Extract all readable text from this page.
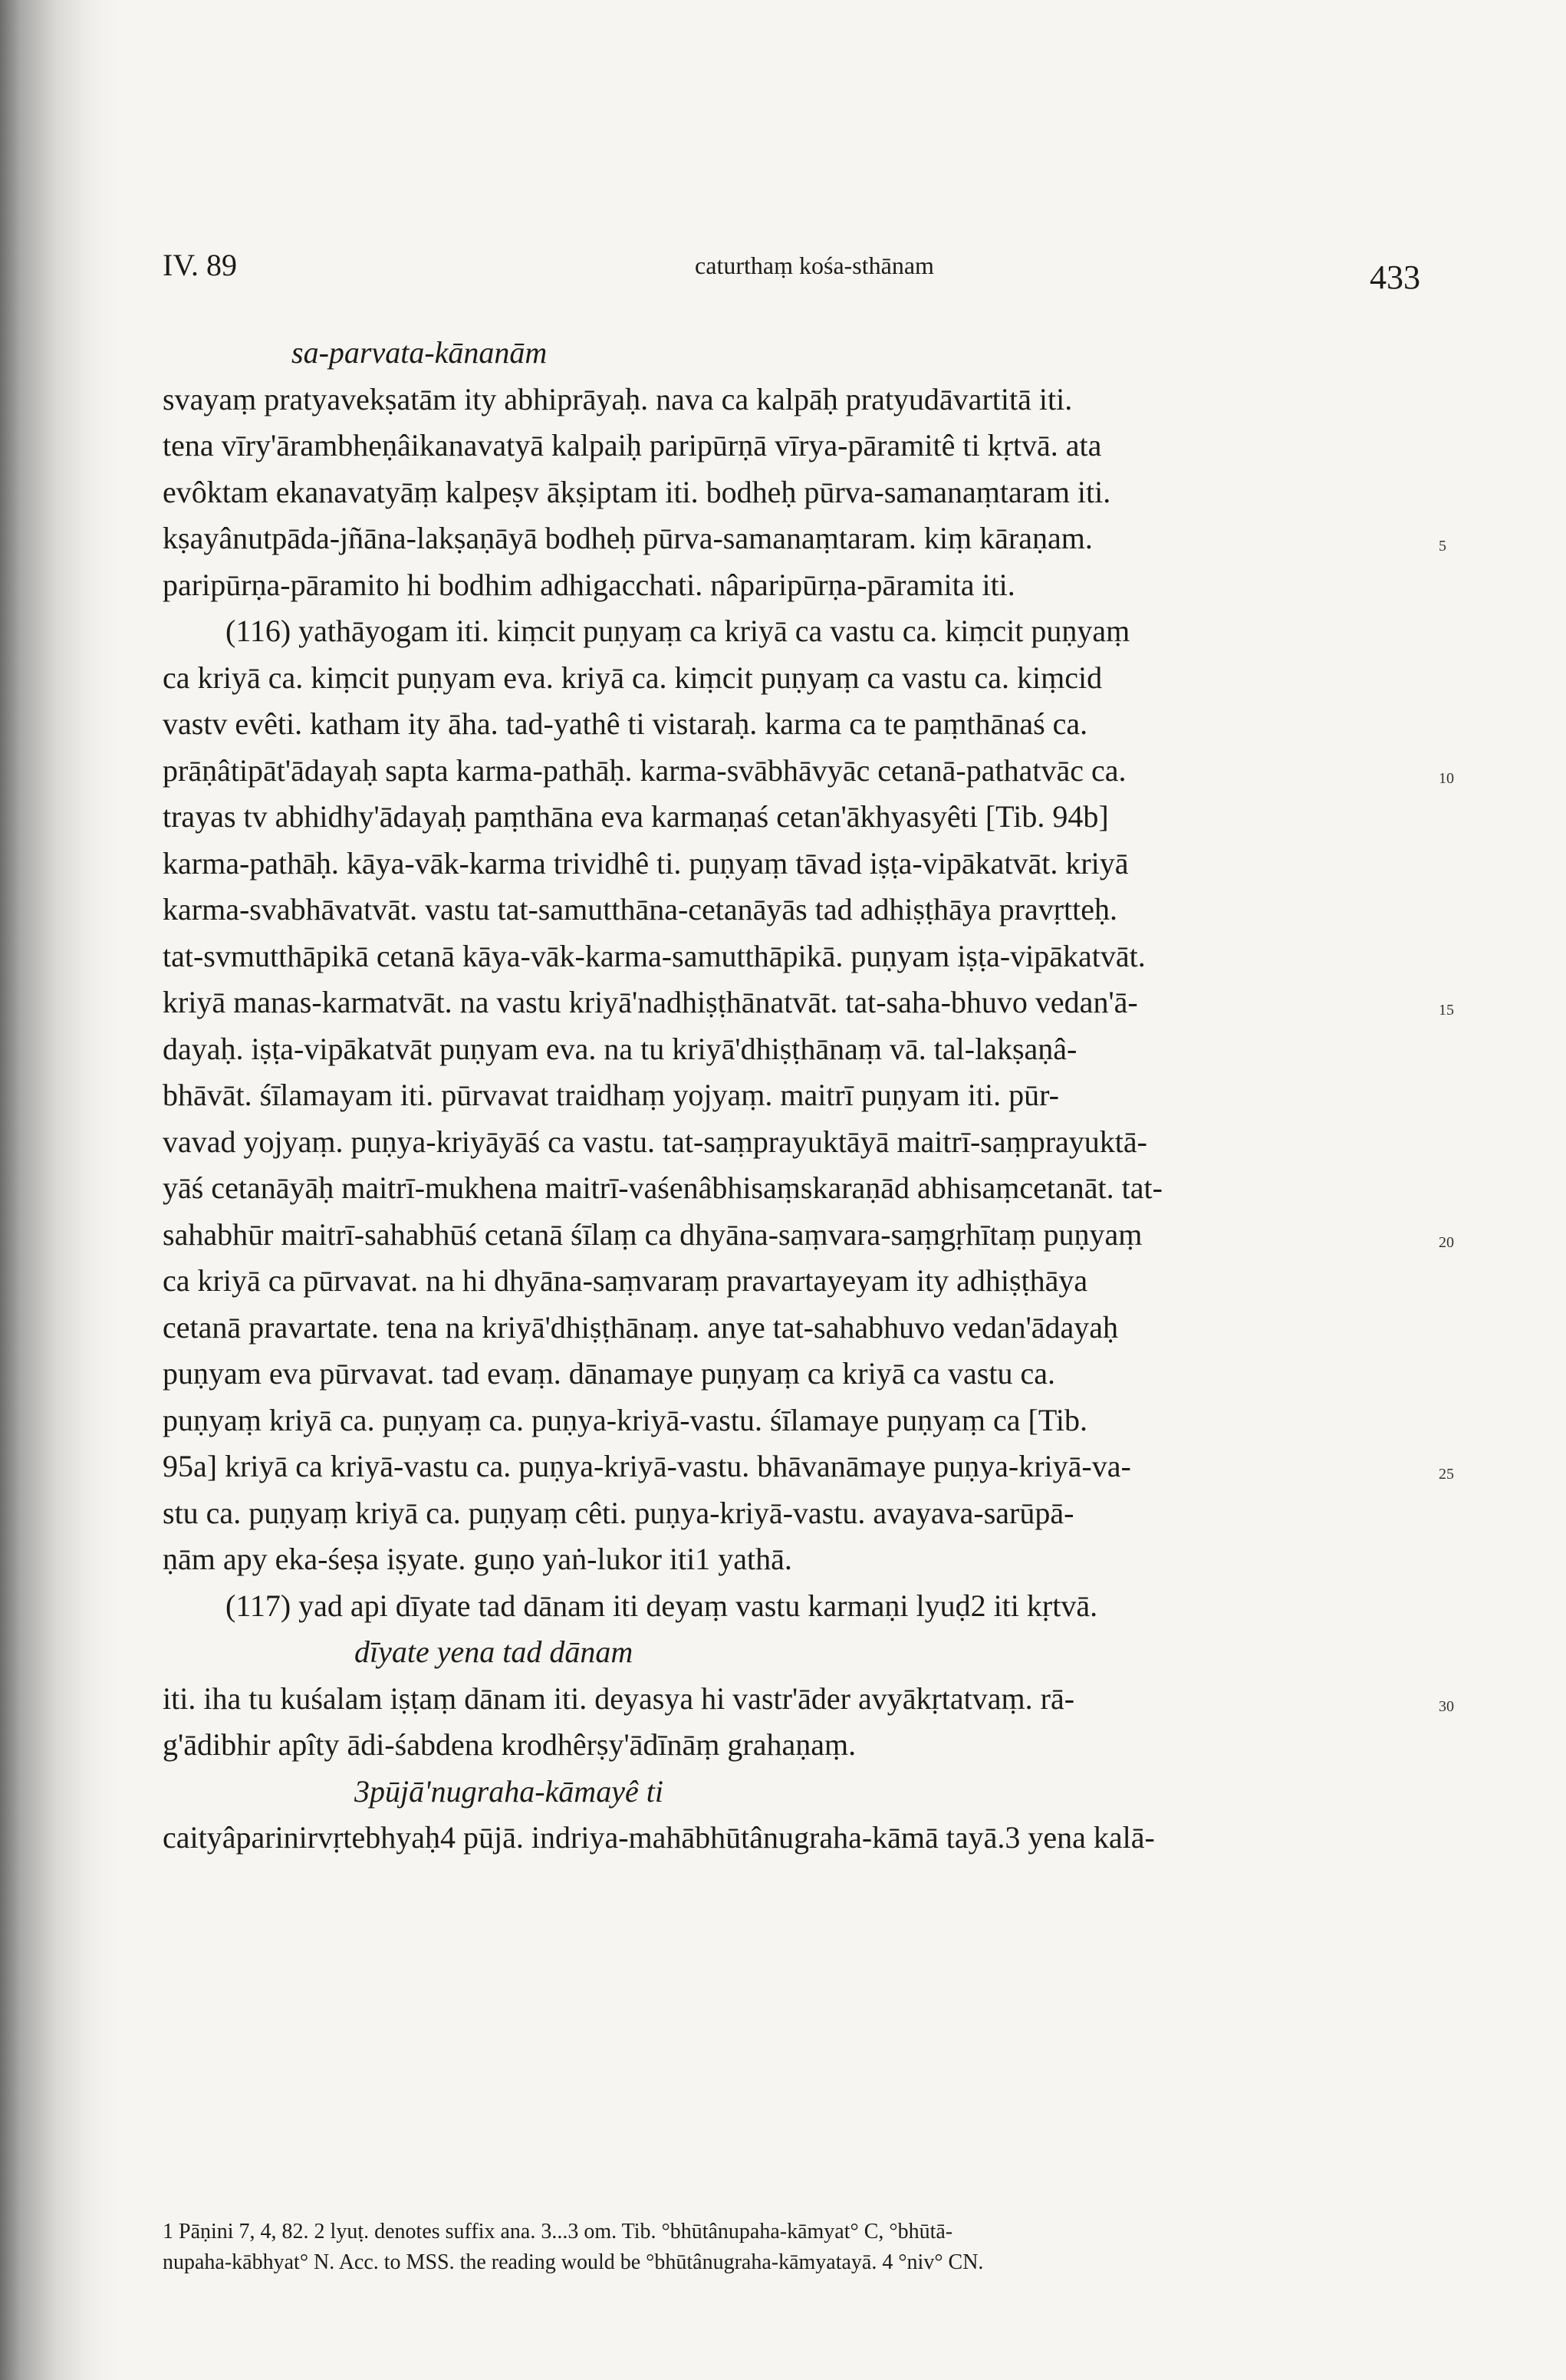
IV. 89	caturthaṃ kośa-sthānam	433
sa-parvata-kānanām
svayaṃ pratyavekṣatām ity abhiprāyaḥ. nava ca kalpāḥ pratyudāvartitā iti.
tena vīry'ārambheṇâikanavatyā kalpaiḥ paripūrṇā vīrya-pāramitê ti kṛtvā. ata
evôktam ekanavatyāṃ kalpeṣv ākṣiptam iti. bodheḥ pūrva-samanaṃtaram iti.
kṣayânutpāda-jñāna-lakṣaṇāyā bodheḥ pūrva-samanaṃtaram. kiṃ kāraṇam.	5
paripūrṇa-pāramito hi bodhim adhigacchati. nâparipūrṇa-pāramita iti.
(116) yathāyogam iti. kiṃcit puṇyaṃ ca kriyā ca vastu ca. kiṃcit puṇyaṃ
ca kriyā ca. kiṃcit puṇyam eva. kriyā ca. kiṃcit puṇyaṃ ca vastu ca. kiṃcid
vastv evêti. katham ity āha. tad-yathê ti vistaraḥ. karma ca te paṃthānaś ca.
prāṇâtipāt'ādayaḥ sapta karma-pathāḥ. karma-svābhāvyāc cetanā-pathatvāc ca.	10
trayas tv abhidhy'ādayaḥ paṃthāna eva karmaṇaś cetan'ākhyasyêti [Tib. 94b]
karma-pathāḥ. kāya-vāk-karma trividhê ti. puṇyaṃ tāvad iṣṭa-vipākatvāt. kriyā
karma-svabhāvatvāt. vastu tat-samutthāna-cetanāyās tad adhiṣṭhāya pravṛtteḥ.
tat-svmutthāpikā cetanā kāya-vāk-karma-samutthāpikā. puṇyam iṣṭa-vipākatvāt.
kriyā manas-karmatvāt. na vastu kriyā'nadhiṣṭhānatvāt. tat-saha-bhuvo vedan'ā-	15
dayaḥ. iṣṭa-vipākatvāt puṇyam eva. na tu kriyā'dhiṣṭhānaṃ vā. tal-lakṣaṇâ-
bhāvāt. śīlamayam iti. pūrvavat traidhaṃ yojyaṃ. maitrī puṇyam iti. pūr-
vavad yojyaṃ. puṇya-kriyāyāś ca vastu. tat-saṃprayuktāyā maitrī-saṃprayuktā-
yāś cetanāyāḥ maitrī-mukhena maitrī-vaśenâbhisaṃskaraṇād abhisaṃcetanāt. tat-
sahabhūr maitrī-sahabhūś cetanā śīlaṃ ca dhyāna-saṃvara-saṃgṛhītaṃ puṇyaṃ	20
ca kriyā ca pūrvavat. na hi dhyāna-saṃvaraṃ pravartayeyam ity adhiṣṭhāya
cetanā pravartate. tena na kriyā'dhiṣṭhānaṃ. anye tat-sahabhuvo vedan'ādayaḥ
puṇyam eva pūrvavat. tad evaṃ. dānamaye puṇyaṃ ca kriyā ca vastu ca.
puṇyaṃ kriyā ca. puṇyaṃ ca. puṇya-kriyā-vastu. śīlamaye puṇyaṃ ca [Tib.
95a] kriyā ca kriyā-vastu ca. puṇya-kriyā-vastu. bhāvanāmaye puṇya-kriyā-va-	25
stu ca. puṇyaṃ kriyā ca. puṇyaṃ cêti. puṇya-kriyā-vastu. avayava-sarūpā-
ṇām apy eka-śeṣa iṣyate. guṇo yaṅ-lukor iti1 yathā.
(117) yad api dīyate tad dānam iti deyaṃ vastu karmaṇi lyuḍ2 iti kṛtvā.
dīyate yena tad dānam
iti. iha tu kuśalam iṣṭaṃ dānam iti. deyasya hi vastr'āder avyākṛtatvaṃ. rā-	30
g'ādibhir apîty ādi-śabdena krodhêrṣy'ādīnāṃ grahaṇaṃ.
3pūjā'nugraha-kāmayê ti
caityâparinirvṛtebhyaḥ4 pūjā. indriya-mahābhūtânugraha-kāmā tayā.3 yena kalā-
1 Pāṇini 7, 4, 82. 2 lyuṭ. denotes suffix ana. 3...3 om. Tib. °bhūtânupaha-kāmyat° C, °bhūtā-
nupaha-kābhyat° N. Acc. to MSS. the reading would be °bhūtânugraha-kāmyatayā. 4 °niv° CN.
